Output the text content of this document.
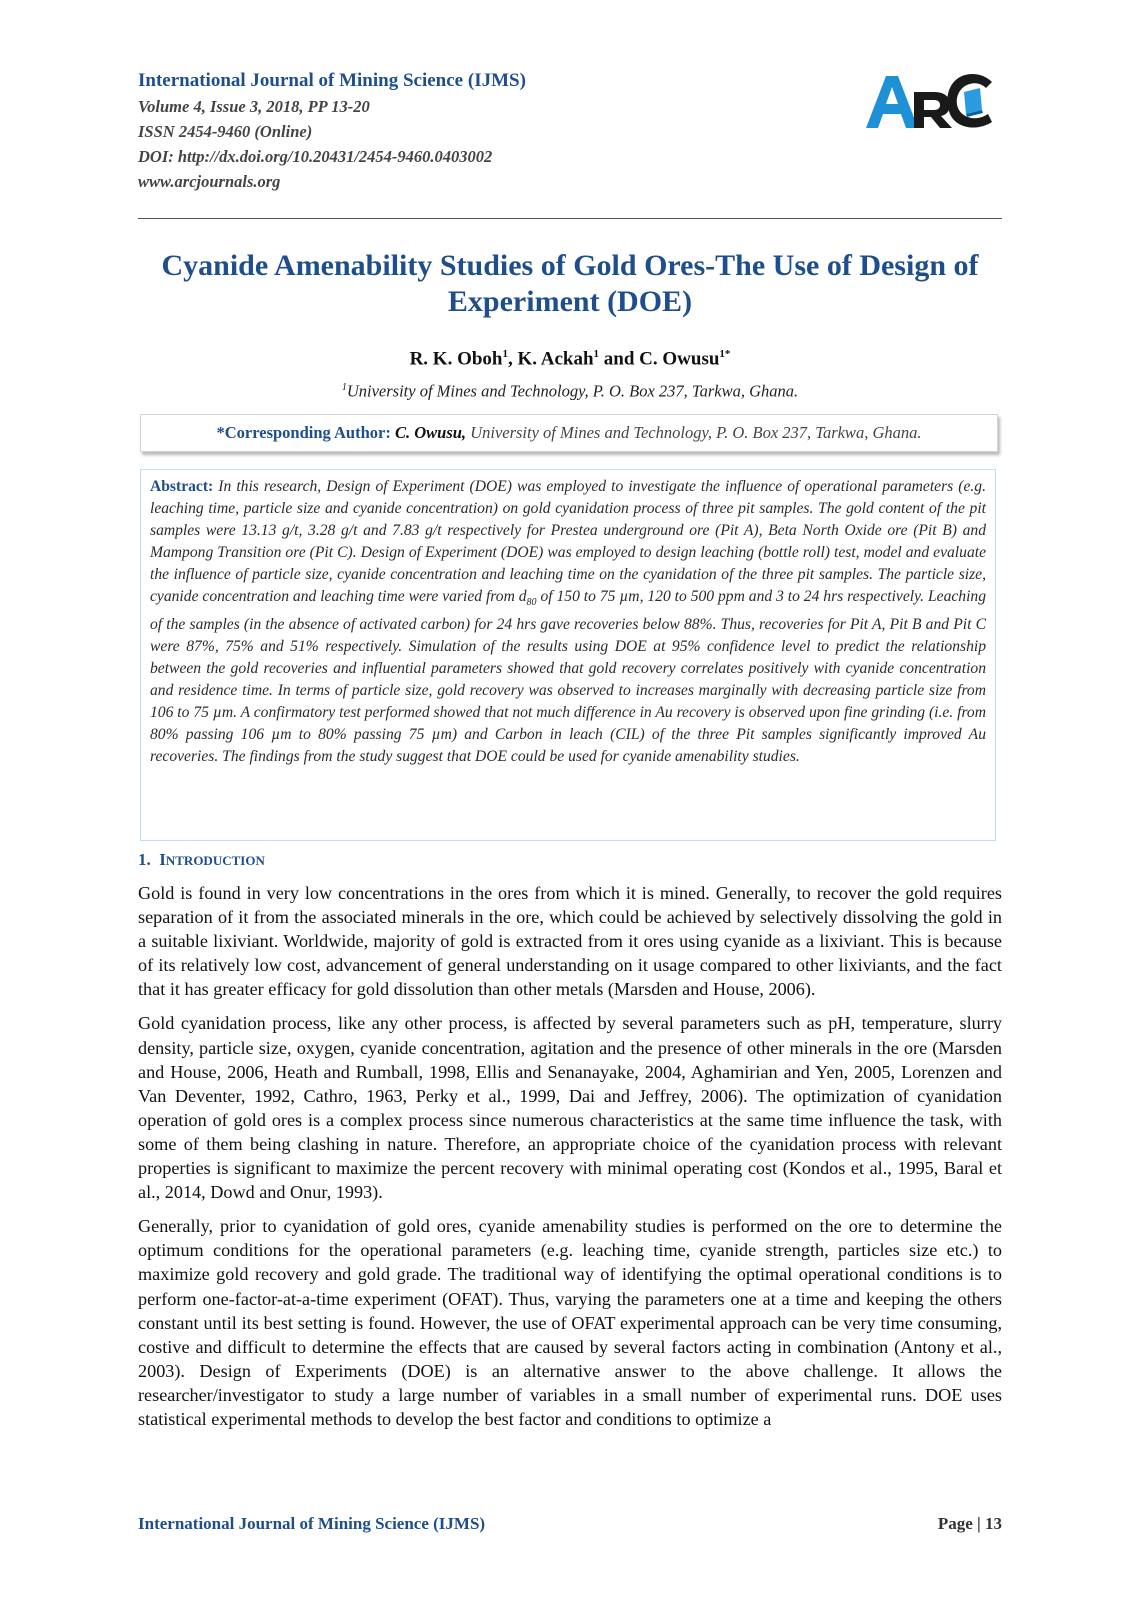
International Journal of Mining Science (IJMS)
Volume 4, Issue 3, 2018, PP 13-20
ISSN 2454-9460 (Online)
DOI: http://dx.doi.org/10.20431/2454-9460.0403002
www.arcjournals.org
Cyanide Amenability Studies of Gold Ores-The Use of Design of Experiment (DOE)
R. K. Oboh$^1$, K. Ackah$^1$ and C. Owusu$^{1*}$
$^1$University of Mines and Technology, P. O. Box 237, Tarkwa, Ghana.
*Corresponding Author: C. Owusu, University of Mines and Technology, P. O. Box 237, Tarkwa, Ghana.
Abstract: In this research, Design of Experiment (DOE) was employed to investigate the influence of operational parameters (e.g. leaching time, particle size and cyanide concentration) on gold cyanidation process of three pit samples. The gold content of the pit samples were 13.13 g/t, 3.28 g/t and 7.83 g/t respectively for Prestea underground ore (Pit A), Beta North Oxide ore (Pit B) and Mampong Transition ore (Pit C). Design of Experiment (DOE) was employed to design leaching (bottle roll) test, model and evaluate the influence of particle size, cyanide concentration and leaching time on the cyanidation of the three pit samples. The particle size, cyanide concentration and leaching time were varied from $d_{80}$ of 150 to 75 µm, 120 to 500 ppm and 3 to 24 hrs respectively. Leaching of the samples (in the absence of activated carbon) for 24 hrs gave recoveries below 88%. Thus, recoveries for Pit A, Pit B and Pit C were 87%, 75% and 51% respectively. Simulation of the results using DOE at 95% confidence level to predict the relationship between the gold recoveries and influential parameters showed that gold recovery correlates positively with cyanide concentration and residence time. In terms of particle size, gold recovery was observed to increases marginally with decreasing particle size from 106 to 75 µm. A confirmatory test performed showed that not much difference in Au recovery is observed upon fine grinding (i.e. from 80% passing 106 µm to 80% passing 75 µm) and Carbon in leach (CIL) of the three Pit samples significantly improved Au recoveries. The findings from the study suggest that DOE could be used for cyanide amenability studies.
1. INTRODUCTION

Gold is found in very low concentrations in the ores from which it is mined. Generally, to recover the gold requires separation of it from the associated minerals in the ore, which could be achieved by selectively dissolving the gold in a suitable lixiviant. Worldwide, majority of gold is extracted from it ores using cyanide as a lixiviant. This is because of its relatively low cost, advancement of general understanding on it usage compared to other lixiviants, and the fact that it has greater efficacy for gold dissolution than other metals (Marsden and House, 2006).

Gold cyanidation process, like any other process, is affected by several parameters such as pH, temperature, slurry density, particle size, oxygen, cyanide concentration, agitation and the presence of other minerals in the ore (Marsden and House, 2006, Heath and Rumball, 1998, Ellis and Senanayake, 2004, Aghamirian and Yen, 2005, Lorenzen and Van Deventer, 1992, Cathro, 1963, Perky et al., 1999, Dai and Jeffrey, 2006). The optimization of cyanidation operation of gold ores is a complex process since numerous characteristics at the same time influence the task, with some of them being clashing in nature. Therefore, an appropriate choice of the cyanidation process with relevant properties is significant to maximize the percent recovery with minimal operating cost (Kondos et al., 1995, Baral et al., 2014, Dowd and Onur, 1993).

Generally, prior to cyanidation of gold ores, cyanide amenability studies is performed on the ore to determine the optimum conditions for the operational parameters (e.g. leaching time, cyanide strength, particles size etc.) to maximize gold recovery and gold grade. The traditional way of identifying the optimal operational conditions is to perform one-factor-at-a-time experiment (OFAT). Thus, varying the parameters one at a time and keeping the others constant until its best setting is found. However, the use of OFAT experimental approach can be very time consuming, costive and difficult to determine the effects that are caused by several factors acting in combination (Antony et al., 2003). Design of Experiments (DOE) is an alternative answer to the above challenge. It allows the researcher/investigator to study a large number of variables in a small number of experimental runs. DOE uses statistical experimental methods to develop the best factor and conditions to optimize a

International Journal of Mining Science (IJMS)	Page | 13
